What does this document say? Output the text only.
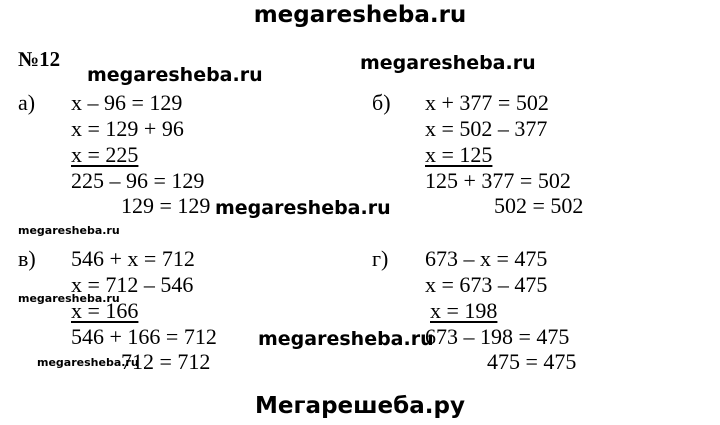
megaresheba.ru
megaresheba.ru
megaresheba.ru
megaresheba.ru
megaresheba.ru
megaresheba.ru
megaresheba.ru
megaresheba.ru
Мегарешеба.ру
№12
а) x – 96 = 129
x = 129 + 96
x = 225
225 – 96 = 129
129 = 129
б) x + 377 = 502
x = 502 – 377
x = 125
125 + 377 = 502
502 = 502
в) 546 + x = 712
x = 712 – 546
x = 166
546 + 166 = 712
712 = 712
г) 673 – x = 475
x = 673 – 475
x = 198
673 – 198 = 475
475 = 475
